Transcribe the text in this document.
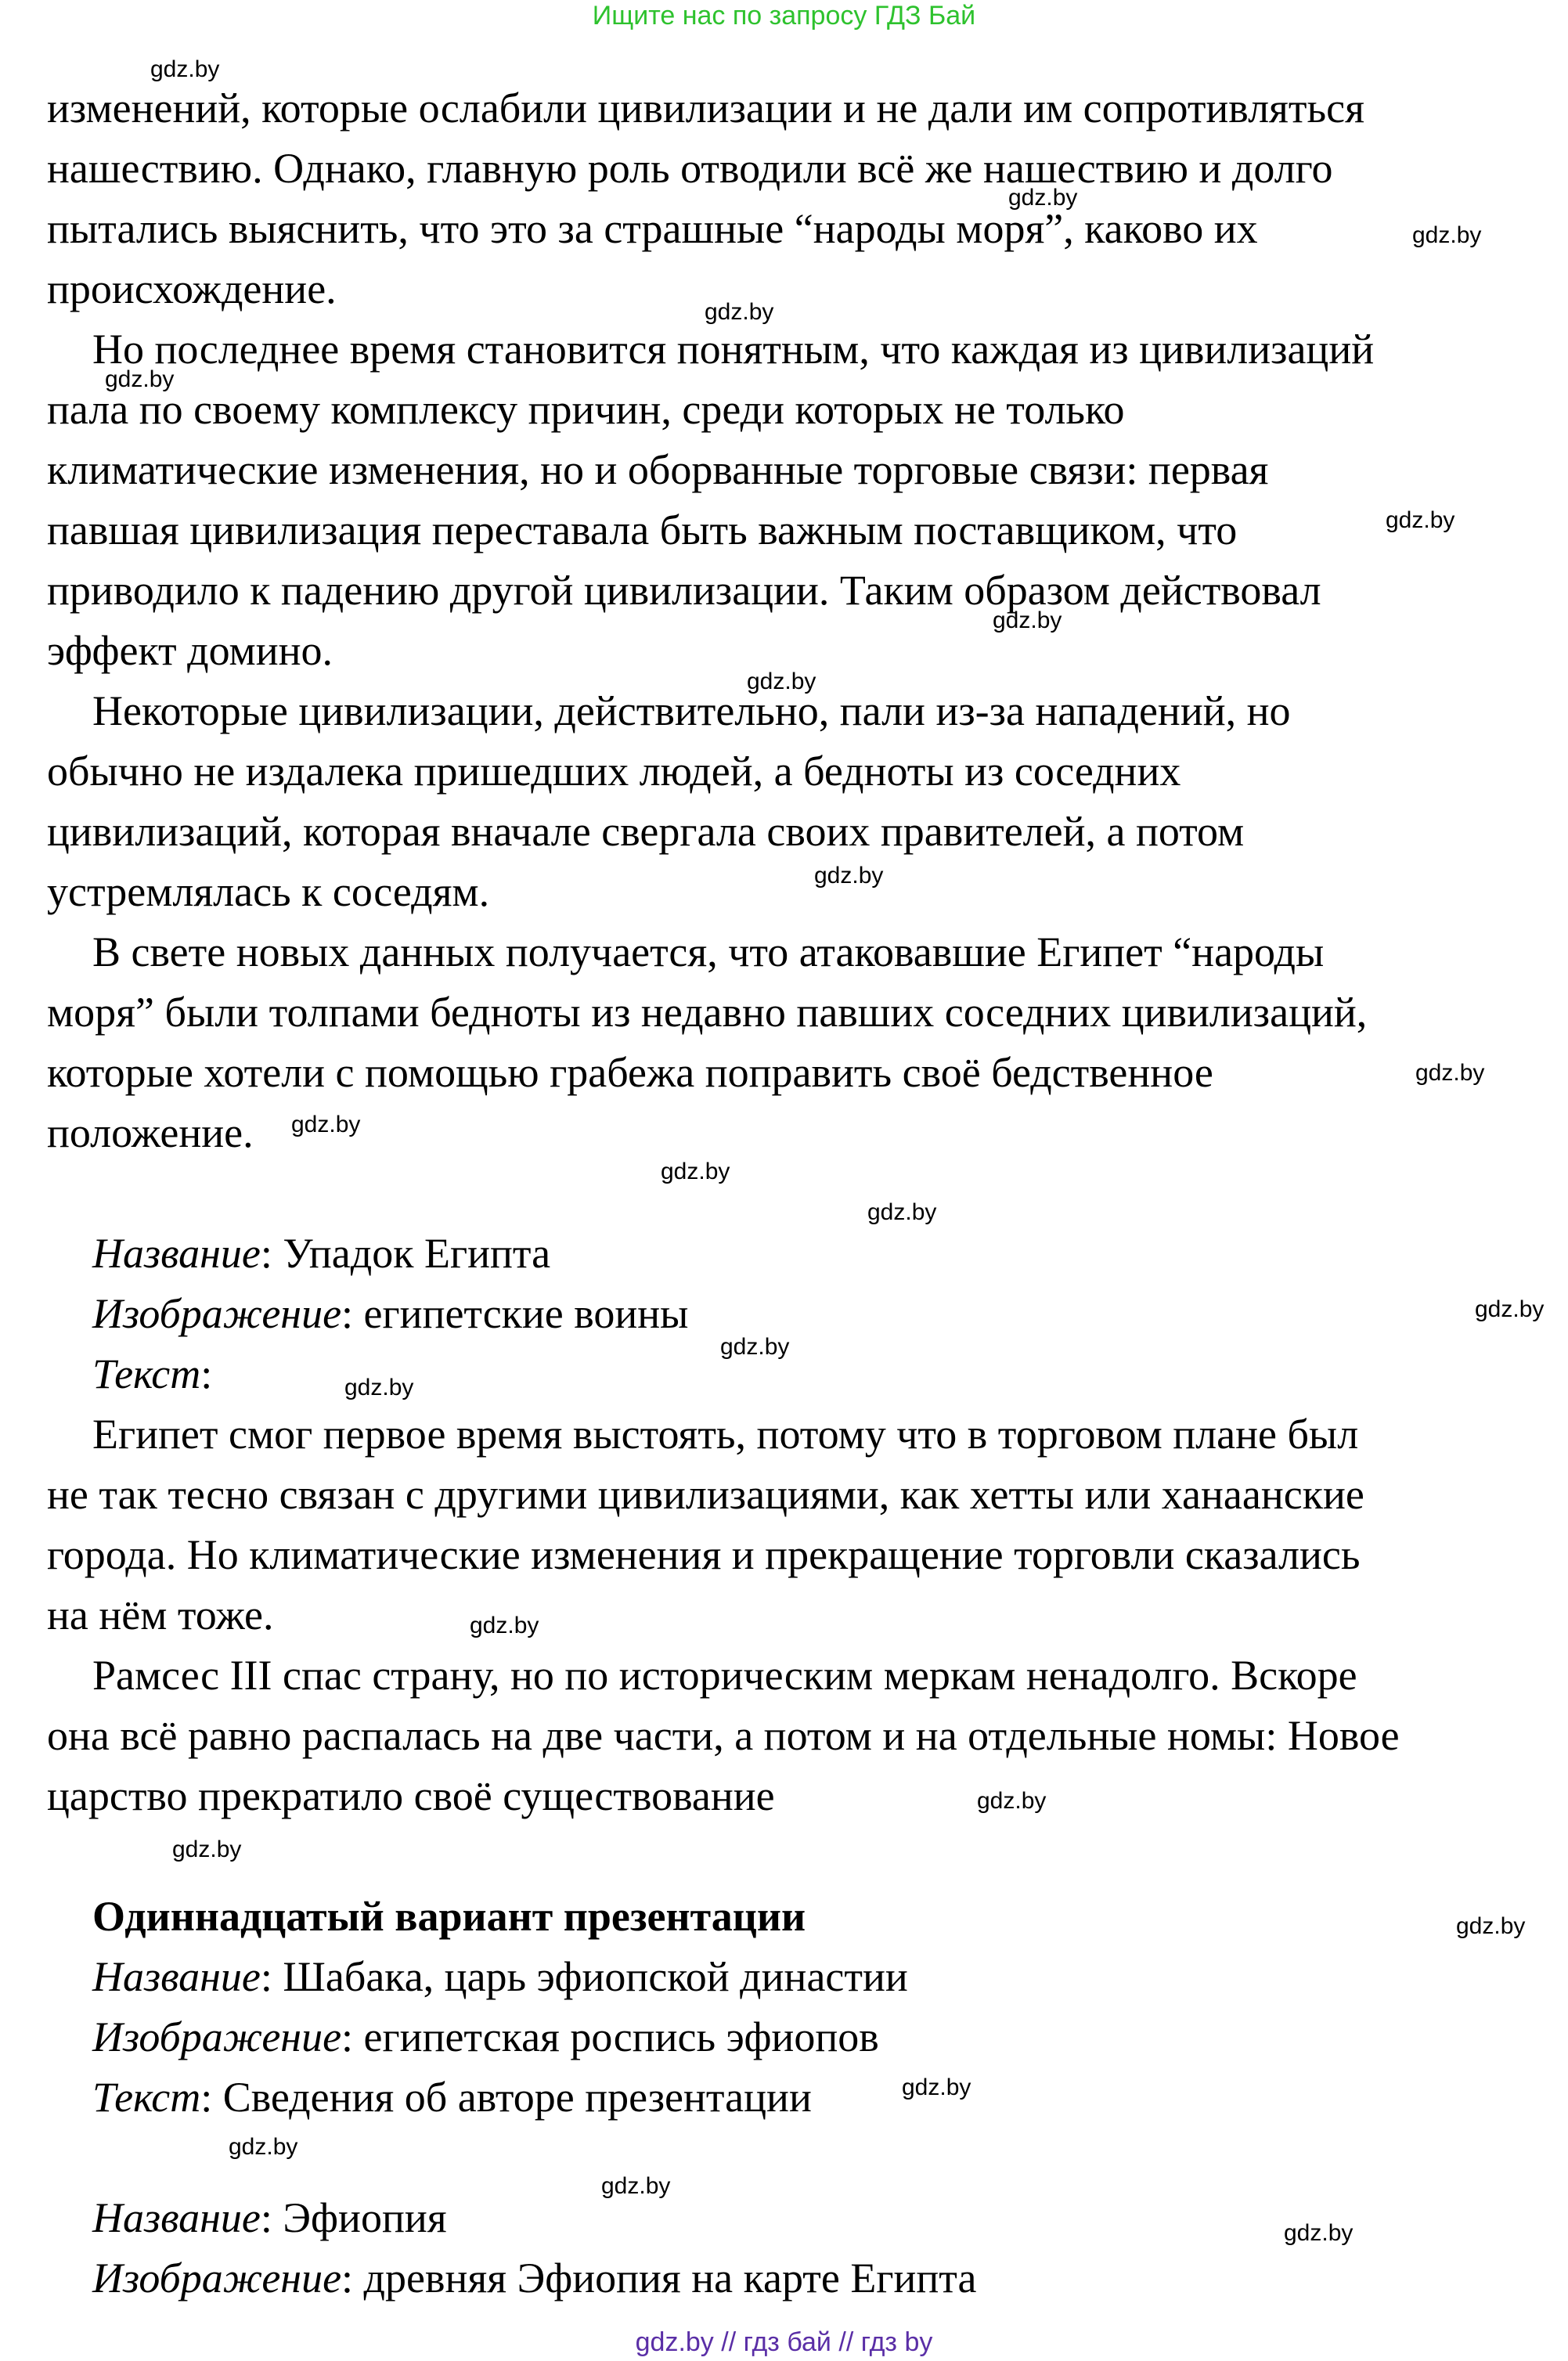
Ищите нас по запросу ГДЗ Бай
изменений, которые ослабили цивилизации и не дали им сопротивляться
нашествию. Однако, главную роль отводили всё же нашествию и долго
пытались выяснить, что это за страшные “народы моря”, каково их
происхождение.
Но последнее время становится понятным, что каждая из цивилизаций
пала по своему комплексу причин, среди которых не только
климатические изменения, но и оборванные торговые связи: первая
павшая цивилизация переставала быть важным поставщиком, что
приводило к падению другой цивилизации. Таким образом действовал
эффект домино.
Некоторые цивилизации, действительно, пали из-за нападений, но
обычно не издалека пришедших людей, а бедноты из соседних
цивилизаций, которая вначале свергала своих правителей, а потом
устремлялась к соседям.
В свете новых данных получается, что атаковавшие Египет “народы
моря” были толпами бедноты из недавно павших соседних цивилизаций,
которые хотели с помощью грабежа поправить своё бедственное
положение.
Название: Упадок Египта
Изображение: египетские воины
Текст:
Египет смог первое время выстоять, потому что в торговом плане был
не так тесно связан с другими цивилизациями, как хетты или ханаанские
города. Но климатические изменения и прекращение торговли сказались
на нём тоже.
Рамсес III спас страну, но по историческим меркам ненадолго. Вскоре
она всё равно распалась на две части, а потом и на отдельные номы: Новое
царство прекратило своё существование
Одиннадцатый вариант презентации
Название: Шабака, царь эфиопской династии
Изображение: египетская роспись эфиопов
Текст: Сведения об авторе презентации
Название: Эфиопия
Изображение: древняя Эфиопия на карте Египта
gdz.by
gdz.by
gdz.by
gdz.by
gdz.by
gdz.by
gdz.by
gdz.by
gdz.by
gdz.by
gdz.by
gdz.by
gdz.by
gdz.by
gdz.by
gdz.by
gdz.by
gdz.by
gdz.by
gdz.by
gdz.by
gdz.by
gdz.by
gdz.by
gdz.by // гдз бай // гдз by
